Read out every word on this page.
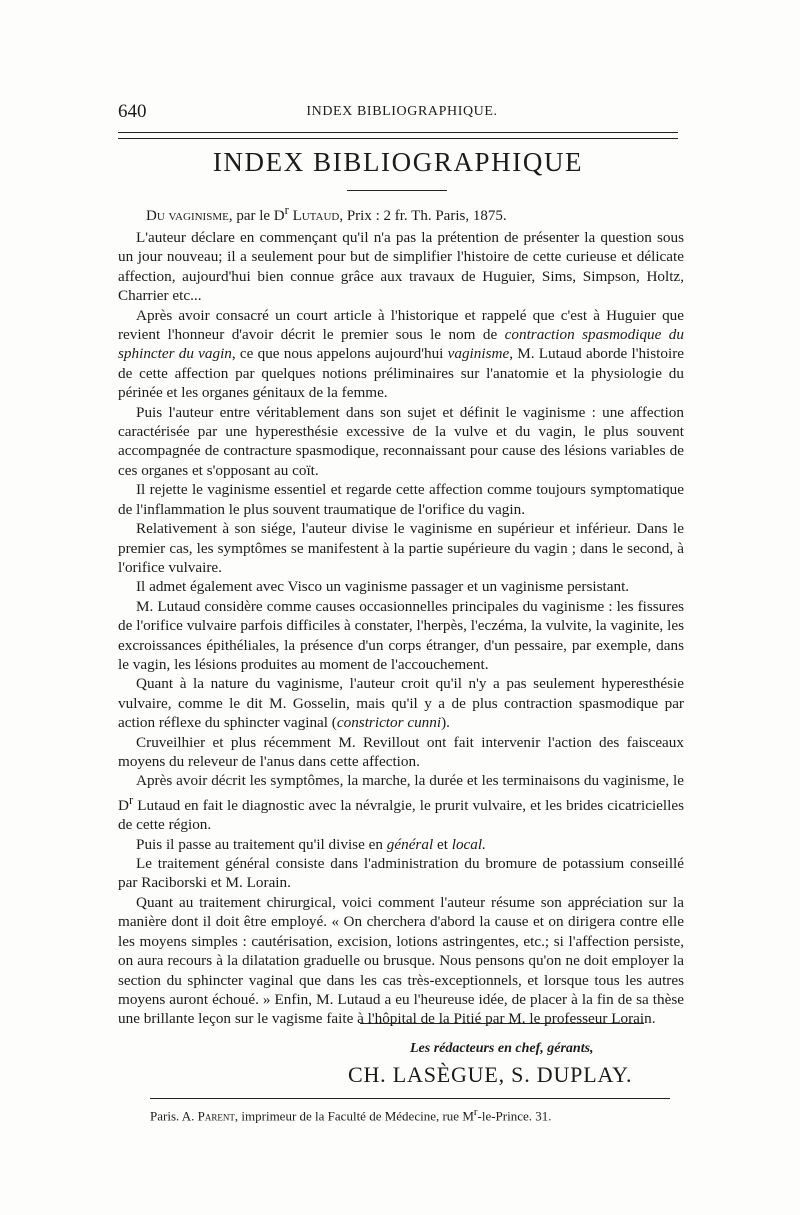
640	INDEX BIBLIOGRAPHIQUE.
INDEX BIBLIOGRAPHIQUE
Du vaginisme, par le $D^r$ Lutaud, Prix : 2 fr. Th. Paris, 1875.

L'auteur déclare en commençant qu'il n'a pas la prétention de présenter la question sous un jour nouveau; il a seulement pour but de simplifier l'histoire de cette curieuse et délicate affection, aujourd'hui bien connue grâce aux travaux de Huguier, Sims, Simpson, Holtz, Charrier etc...

Après avoir consacré un court article à l'historique et rappelé que c'est à Huguier que revient l'honneur d'avoir décrit le premier sous le nom de contraction spasmodique du sphincter du vagin, ce que nous appelons aujourd'hui vaginisme, M. Lutaud aborde l'histoire de cette affection par quelques notions préliminaires sur l'anatomie et la physiologie du périnée et les organes génitaux de la femme.

Puis l'auteur entre véritablement dans son sujet et définit le vaginisme : une affection caractérisée par une hyperesthésie excessive de la vulve et du vagin, le plus souvent accompagnée de contracture spasmodique, reconnaissant pour cause des lésions variables de ces organes et s'opposant au coït.

Il rejette le vaginisme essentiel et regarde cette affection comme toujours symptomatique de l'inflammation le plus souvent traumatique de l'orifice du vagin.

Relativement à son siége, l'auteur divise le vaginisme en supérieur et inférieur. Dans le premier cas, les symptômes se manifestent à la partie supérieure du vagin ; dans le second, à l'orifice vulvaire.

Il admet également avec Visco un vaginisme passager et un vaginisme persistant.

M. Lutaud considère comme causes occasionnelles principales du vaginisme : les fissures de l'orifice vulvaire parfois difficiles à constater, l'herpès, l'eczéma, la vulvite, la vaginite, les excroissances épithéliales, la présence d'un corps étranger, d'un pessaire, par exemple, dans le vagin, les lésions produites au moment de l'accouchement.

Quant à la nature du vaginisme, l'auteur croit qu'il n'y a pas seulement hyperesthésie vulvaire, comme le dit M. Gosselin, mais qu'il y a de plus contraction spasmodique par action réflexe du sphincter vaginal (constrictor cunni).

Cruveilhier et plus récemment M. Revillout ont fait intervenir l'action des faisceaux moyens du releveur de l'anus dans cette affection.

Après avoir décrit les symptômes, la marche, la durée et les terminaisons du vaginisme, le $D^r$ Lutaud en fait le diagnostic avec la névralgie, le prurit vulvaire, et les brides cicatricielles de cette région.

Puis il passe au traitement qu'il divise en général et local.

Le traitement général consiste dans l'administration du bromure de potassium conseillé par Raciborski et M. Lorain.

Quant au traitement chirurgical, voici comment l'auteur résume son appréciation sur la manière dont il doit être employé. « On cherchera d'abord la cause et on dirigera contre elle les moyens simples : cautérisation, excision, lotions astringentes, etc.; si l'affection persiste, on aura recours à la dilatation graduelle ou brusque. Nous pensons qu'on ne doit employer la section du sphincter vaginal que dans les cas très-exceptionnels, et lorsque tous les autres moyens auront échoué. » Enfin, M. Lutaud a eu l'heureuse idée, de placer à la fin de sa thèse une brillante leçon sur le vagisme faite à l'hôpital de la Pitié par M. le professeur Lorain.

Les rédacteurs en chef, gérants,
CH. LASÈGUE, S. DUPLAY.
Paris. A. Parent, imprimeur de la Faculté de Médecine, rue $M^r-le$-Prince. 31.
